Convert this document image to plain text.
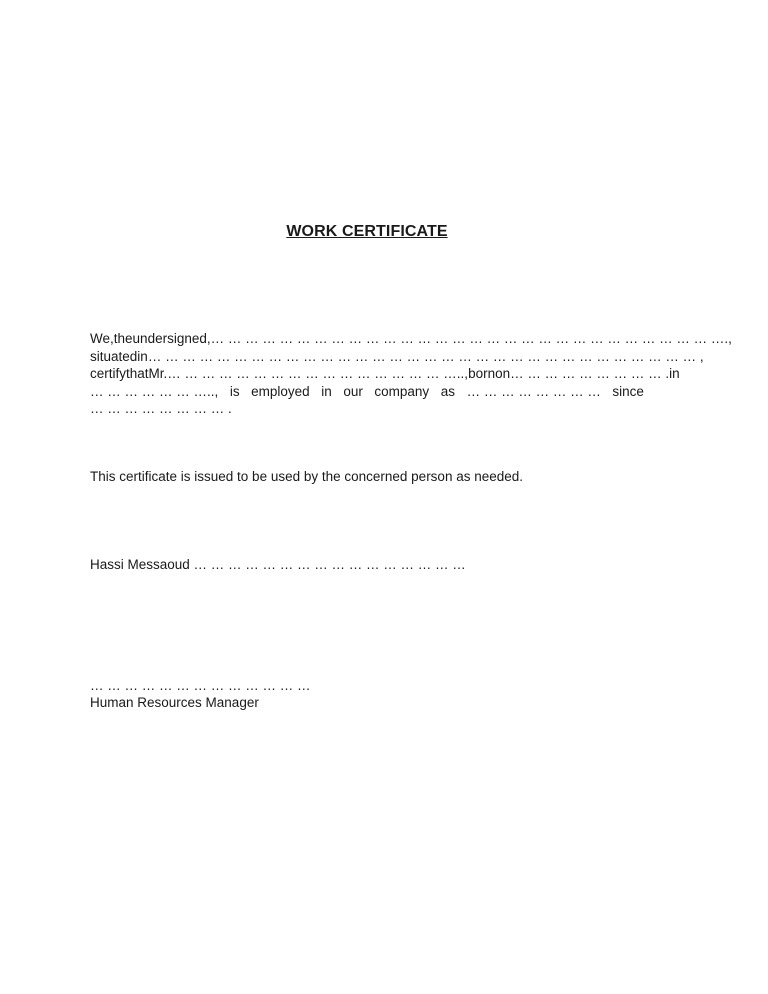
WORK CERTIFICATE
We, the undersigned, … … … … … … … … … … … … … … … … … … … … … … … … … … … … … ….,
situated in … … … … … … … … … … … … … … … … … … … … … … … … … … … … … … … … ,
certify that Mr. … … … … … … … … … … … … … … … … ….., born on … … … … … … … … … . in
… … … … … … ….., is employed in our company as … … … … … … … … since
… … … … … … … … .
This certificate is issued to be used by the concerned person as needed.
Hassi Messaoud … … … … … … … … … … … … … … … …
… … … … … … … … … … … … …
Human Resources Manager
